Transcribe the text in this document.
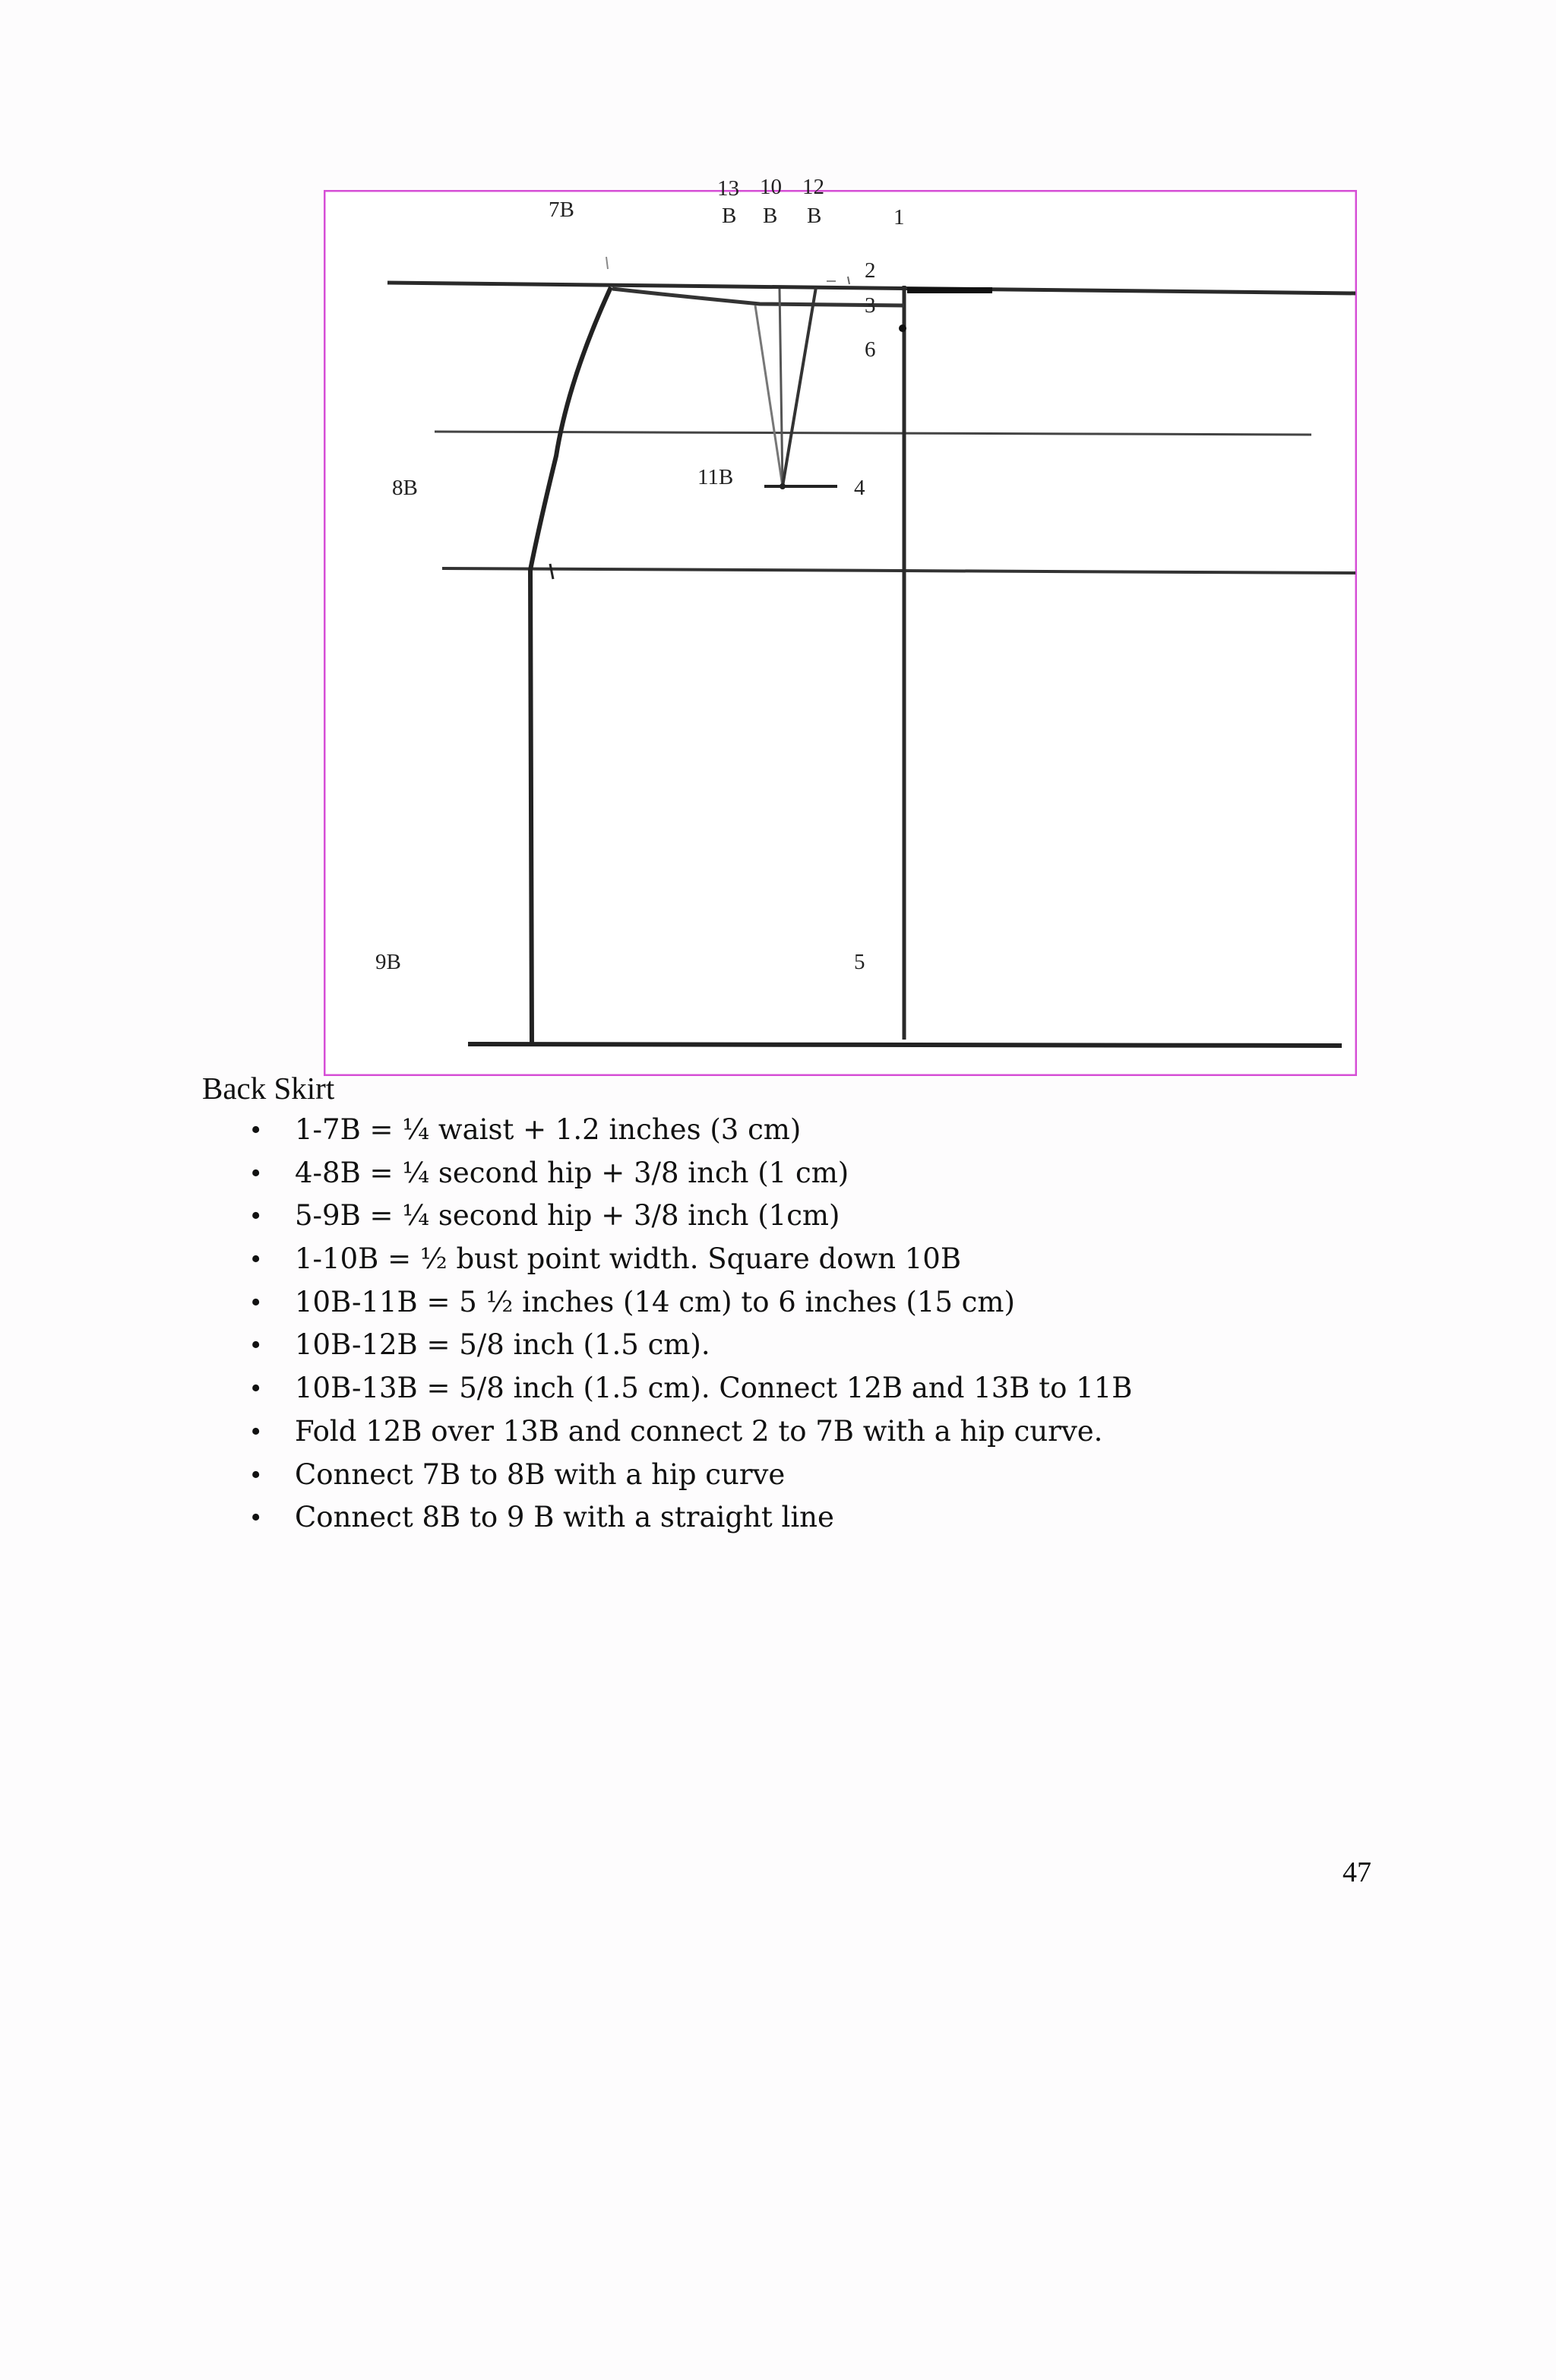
7B
13
B
10
B
12
B	1
2
3
6
8B	11B	4
9B	5
Back Skirt
• 1-7B = ¼ waist + 1.2 inches (3 cm)
• 4-8B = ¼ second hip + 3/8 inch (1 cm)
• 5-9B = ¼ second hip + 3/8 inch (1cm)
• 1-10B = ½ bust point width. Square down 10B
• 10B-11B = 5 ½ inches (14 cm) to 6 inches (15 cm)
• 10B-12B = 5/8 inch (1.5 cm).
• 10B-13B = 5/8 inch (1.5 cm). Connect 12B and 13B to 11B
• Fold 12B over 13B and connect 2 to 7B with a hip curve.
• Connect 7B to 8B with a hip curve
• Connect 8B to 9 B with a straight line
47
